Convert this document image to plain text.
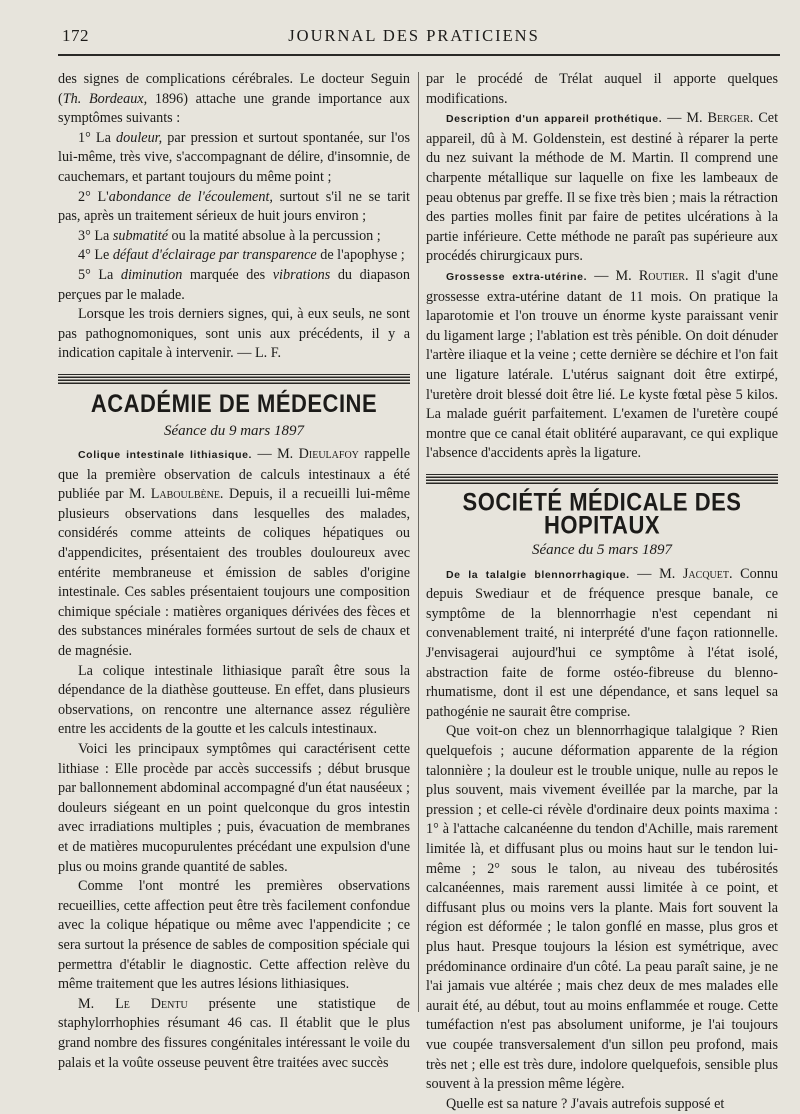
172	JOURNAL DES PRATICIENS

des signes de complications cérébrales. Le docteur Seguin (Th. Bordeaux, 1896) attache une grande importance aux symptômes suivants :

1° La douleur, par pression et surtout spontanée, sur l'os lui-même, très vive, s'accompagnant de délire, d'insomnie, de cauchemars, et partant toujours du même point ;

2° L'abondance de l'écoulement, surtout s'il ne se tarit pas, après un traitement sérieux de huit jours environ ;

3° La submatité ou la matité absolue à la percussion ;

4° Le défaut d'éclairage par transparence de l'apophyse ;

5° La diminution marquée des vibrations du diapason perçues par le malade.

Lorsque les trois derniers signes, qui, à eux seuls, ne sont pas pathognomoniques, sont unis aux précédents, il y a indication capitale à intervenir. — L. F.

ACADÉMIE DE MÉDECINE
Séance du 9 mars 1897

Colique intestinale lithiasique. — M. Dieulafoy rappelle que la première observation de calculs intestinaux a été publiée par M. Laboulbène. Depuis, il a recueilli lui-même plusieurs observations dans lesquelles des malades, considérés comme atteints de coliques hépatiques ou d'appendicites, présentaient des troubles douloureux avec entérite membraneuse et émission de sables d'origine intestinale. Ces sables présentaient toujours une composition chimique spéciale : matières organiques dérivées des fèces et des substances minérales formées surtout de sels de chaux et de magnésie.

La colique intestinale lithiasique paraît être sous la dépendance de la diathèse goutteuse. En effet, dans plusieurs observations, on rencontre une alternance assez régulière entre les accidents de la goutte et les calculs intestinaux.

Voici les principaux symptômes qui caractérisent cette lithiase : Elle procède par accès successifs ; début brusque par ballonnement abdominal accompagné d'un état nauséeux ; douleurs siégeant en un point quelconque du gros intestin avec irradiations multiples ; puis, évacuation de membranes et de matières mucopurulentes précédant une expulsion d'une plus ou moins grande quantité de sables.

Comme l'ont montré les premières observations recueillies, cette affection peut être très facilement confondue avec la colique hépatique ou même avec l'appendicite ; ce sera surtout la présence de sables de composition spéciale qui permettra d'établir le diagnostic. Cette affection relève du même traitement que les autres lésions lithiasiques.

M. Le Dentu présente une statistique de staphylorrhophies résumant 46 cas. Il établit que le plus grand nombre des fissures congénitales intéressant le voile du palais et la voûte osseuse peuvent être traitées avec succès

par le procédé de Trélat auquel il apporte quelques modifications.

Description d'un appareil prothétique. — M. Berger. Cet appareil, dû à M. Goldenstein, est destiné à réparer la perte du nez suivant la méthode de M. Martin. Il comprend une charpente métallique sur laquelle on fixe les lambeaux de peau obtenus par greffe. Il se fixe très bien ; mais la rétraction des parties molles finit par faire de petites ulcérations à la partie inférieure. Cette méthode ne paraît pas supérieure aux procédés chirurgicaux purs.

Grossesse extra-utérine. — M. Routier. Il s'agit d'une grossesse extra-utérine datant de 11 mois. On pratique la laparotomie et l'on trouve un énorme kyste paraissant venir du ligament large ; l'ablation est très pénible. On doit dénuder l'artère iliaque et la veine ; cette dernière se déchire et l'on fait une ligature latérale. L'utérus saignant doit être extirpé, l'uretère droit blessé doit être lié. Le kyste fœtal pèse 5 kilos. La malade guérit parfaitement. L'examen de l'uretère coupé montre que ce canal était oblitéré auparavant, ce qui explique l'absence d'accidents après la ligature.

SOCIÉTÉ MÉDICALE DES HOPITAUX
Séance du 5 mars 1897

De la talalgie blennorrhagique. — M. Jacquet. Connu depuis Swediaur et de fréquence presque banale, ce symptôme de la blennorrhagie n'est cependant ni convenablement traité, ni interprété d'une façon rationnelle. J'envisagerai aujourd'hui ce symptôme à l'état isolé, abstraction faite de forme ostéo-fibreuse du blenno-rhumatisme, dont il est une dépendance, et sans lequel sa pathogénie ne saurait être comprise.

Que voit-on chez un blennorrhagique talalgique ? Rien quelquefois ; aucune déformation apparente de la région talonnière ; la douleur est le trouble unique, nulle au repos le plus souvent, mais vivement éveillée par la marche, par la pression ; et celle-ci révèle d'ordinaire deux points maxima : 1° à l'attache calcanéenne du tendon d'Achille, mais rarement limitée là, et diffusant plus ou moins haut sur le tendon lui-même ; 2° sous le talon, au niveau des tubérosités calcanéennes, mais rarement aussi limitée à ce point, et diffusant plus ou moins vers la plante. Mais fort souvent la région est déformée ; le talon gonflé en masse, plus gros et plus haut. Presque toujours la lésion est symétrique, avec prédominance ordinaire d'un côté. La peau paraît saine, je ne l'ai jamais vue altérée ; mais chez deux de mes malades elle aurait été, au début, tout au moins enflammée et rouge. Cette tuméfaction n'est pas absolument uniforme, je l'ai toujours vue coupée transversalement d'un sillon peu profond, mais très net ; elle est très dure, indolore quelquefois, sensible plus souvent à la pression même légère.

Quelle est sa nature ? J'avais autrefois supposé et
